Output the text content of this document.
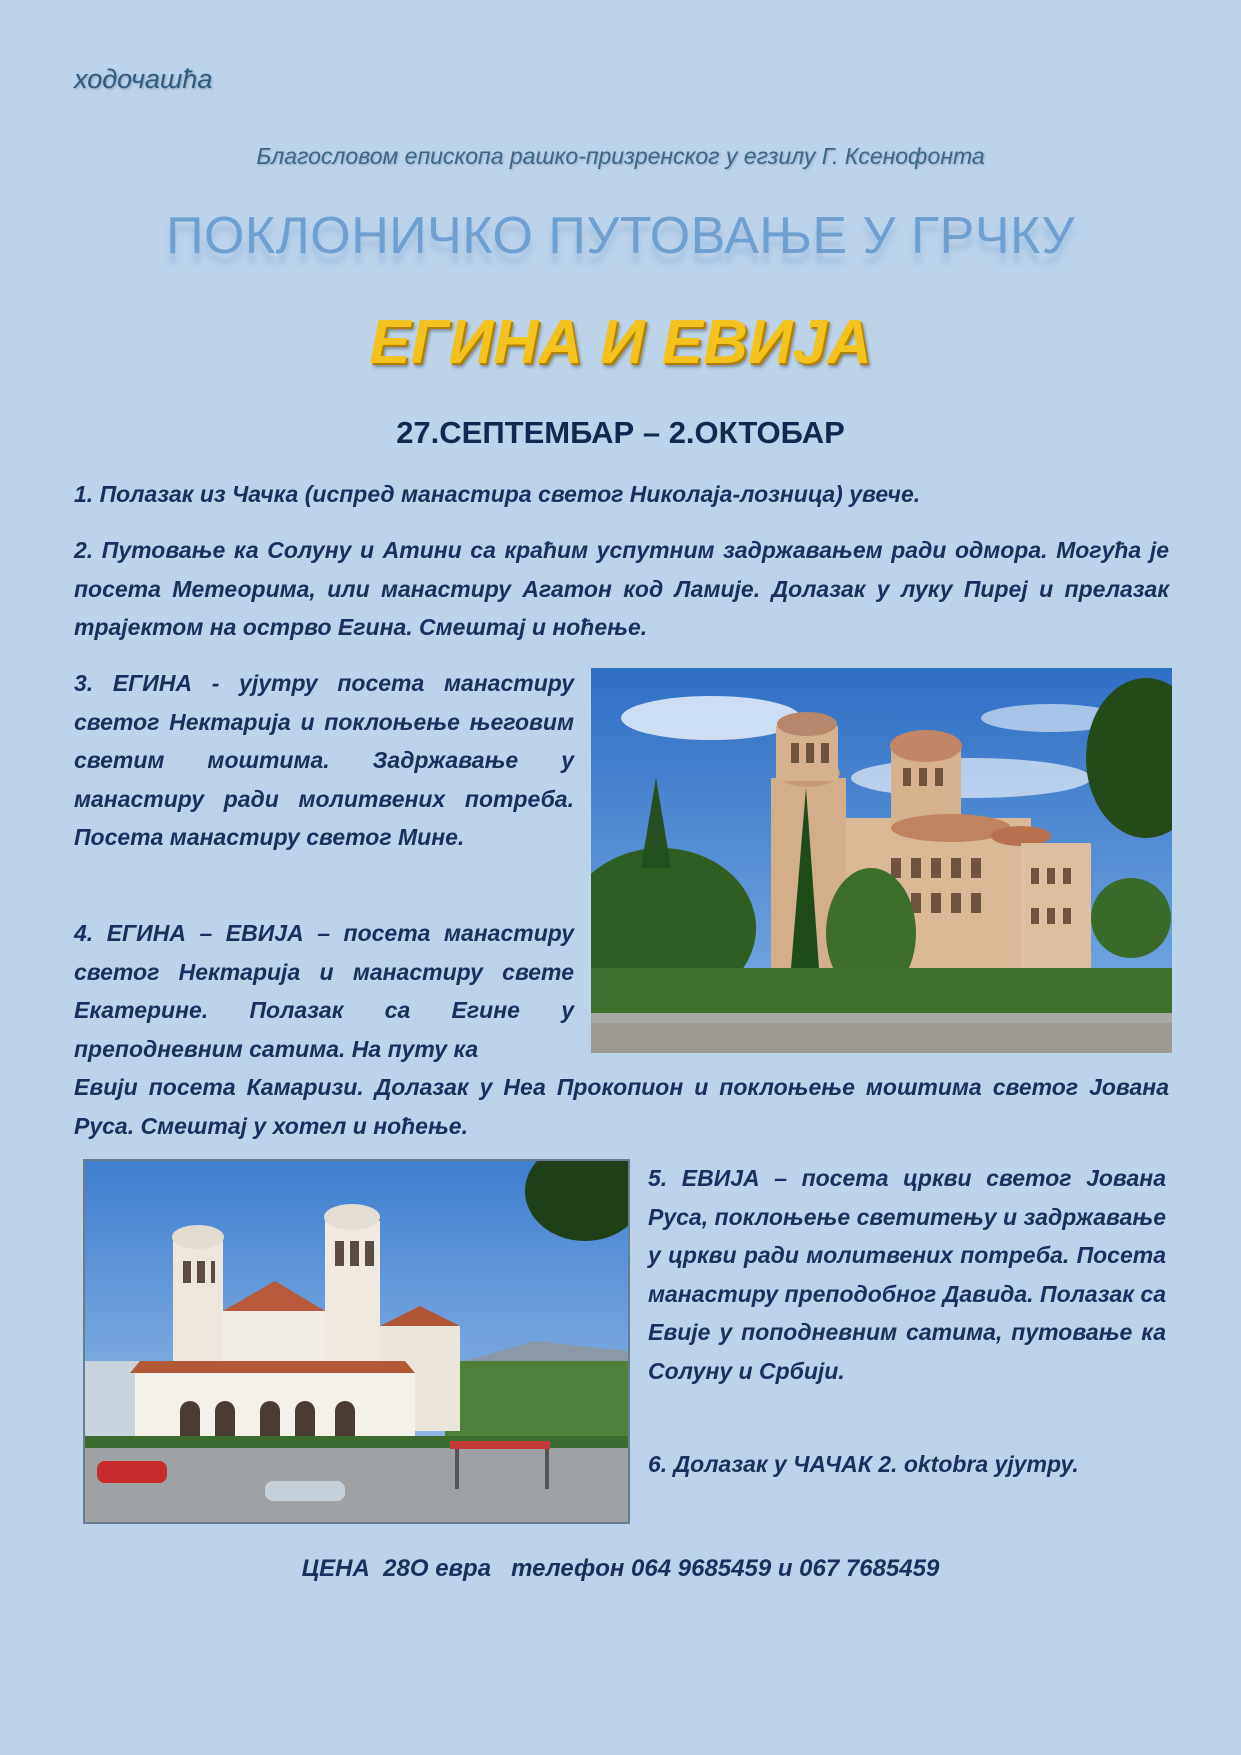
ходочашћа
Благословом епископа рашко-призренског у егзилу Г. Ксенофонта
ПОКЛОНИЧКО ПУТОВАЊЕ У ГРЧКУ
ЕГИНА И ЕВИЈА
27.СЕПТЕМБАР – 2.ОКТОБАР

1. Полазак из Чачка (испред манастира светог Николаја-лозница) увече.

2. Путовање ка Солуну и Атини са краћим успутним задржавањем ради одмора. Могућа је посета Метеорима, или манастиру Агатон код Ламије. Долазак у луку Пиреј и прелазак трајектом на острво Егина. Смештај и ноћење.

3. ЕГИНА - ујутру посета манастиру светог Нектарија и поклоњење његовим светим моштима. Задржавање у манастиру ради молитвених потреба. Посета манастиру светог Мине.

4. ЕГИНА – ЕВИЈА – посета манастиру светог Нектарија и манастиру свете Екатерине. Полазак са Егине у преподневним сатима. На путу ка

Евији посета Камаризи. Долазак у Неа Прокопион и поклоњење моштима светог Јована Руса. Смештај у хотел и ноћење.

5. ЕВИЈА – посета цркви светог Јована Руса, поклоњење светитењу и задржавање у цркви ради молитвених потреба. Посета манастиру преподобног Давида. Полазак са Евије у поподневним сатима, путовање ка Солуну и Србији.

6. Долазак у ЧАЧАК 2. oktobra ујутру.

ЦЕНА  28О евра   телефон 064 9685459 и 067 7685459
